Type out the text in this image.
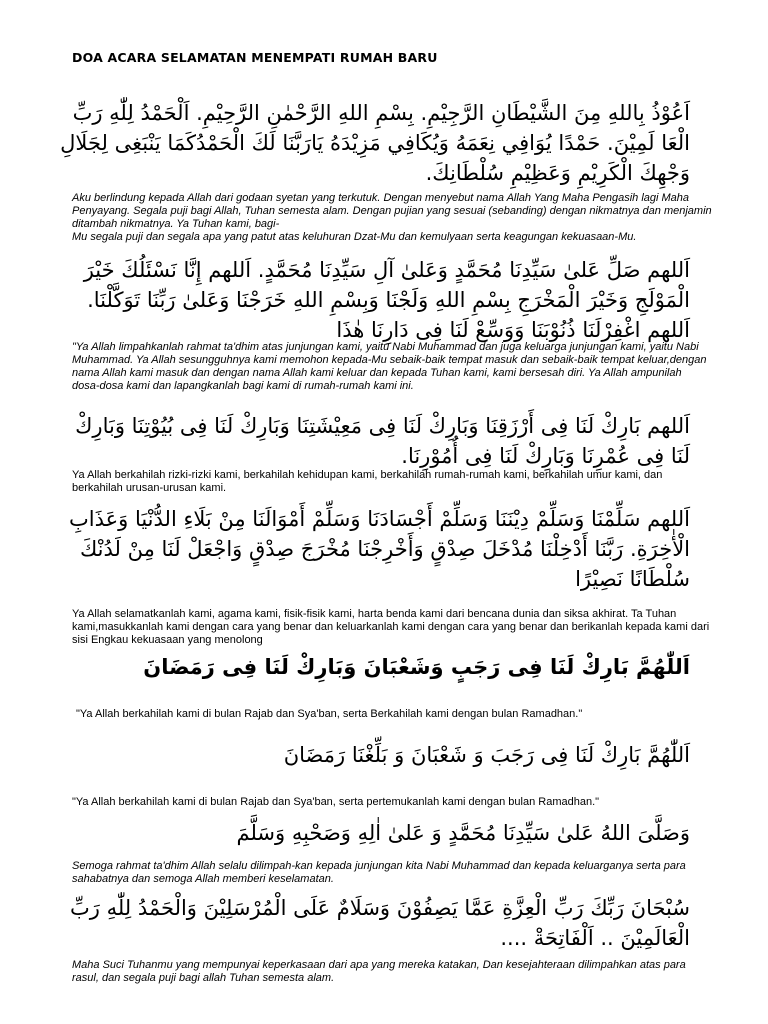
DOA ACARA SELAMATAN MENEMPATI RUMAH BARU

اَعُوْذُ بِاللهِ مِنَ الشَّيْطَانِ الرَّجِيْمِ. بِسْمِ اللهِ الرَّحْمٰنِ الرَّحِيْمِ. اَلْحَمْدُ لِلّٰهِ رَبِّ الْعَا لَمِيْنَ. حَمْدًا يُوَافِي نِعَمَهُ وَيُكَافِي مَزِيْدَهُ يَارَبَّنَا لَكَ الْحَمْدُكَمَا يَنْبَغِى لِجَلَالِ وَجْهِكَ الْكَرِيْمِ وَعَظِيْمِ سُلْطَانِكَ.

Aku berlindung kepada Allah dari godaan syetan yang terkutuk. Dengan menyebut nama Allah Yang Maha Pengasih lagi Maha Penyayang. Segala puji bagi Allah, Tuhan semesta alam. Dengan pujian yang sesuai (sebanding) dengan nikmatnya dan menjamin ditambah nikmatnya. Ya Tuhan kami, bagi-
Mu segala puji dan segala apa yang patut atas keluhuran Dzat-Mu dan kemulyaan serta keagungan kekuasaan-Mu.

اَللهم صَلِّ عَلىٰ سَيِّدِنَا مُحَمَّدٍ وَعَلىٰ آلِ سَيِّدِنَا مُحَمَّدٍ. اَللهم إِنَّا نَسْئَلُكَ خَيْرَ الْمَوْلَجِ وَخَيْرَ الْمَخْرَجِ بِسْمِ اللهِ وَلَجْنَا وَبِسْمِ اللهِ خَرَجْنَا وَعَلىٰ رَبِّنَا تَوَكَّلْنَا. اَللهم اغْفِرْلَنَا ذُنُوْبَنَا وَوَسِّعْ لَنَا فِى دَارِنَا هٰذَا

"Ya Allah limpahkanlah rahmat ta'dhim atas junjungan kami, yaitu Nabi Muhammad dan juga keluarga junjungan kami, yaitu Nabi Muhammad. Ya Allah sesungguhnya kami memohon kepada-Mu sebaik-baik tempat masuk dan sebaik-baik tempat keluar,dengan nama Allah kami masuk dan dengan nama Allah kami keluar dan kepada Tuhan kami, kami bersesah diri. Ya Allah ampunilah dosa-dosa kami dan lapangkanlah bagi kami di rumah-rumah kami ini.

اَللهم بَارِكْ لَنَا فِى أَرْزَقِنَا وَبَارِكْ لَنَا فِى مَعِيْشَتِنَا وَبَارِكْ لَنَا فِى بُيُوْتِنَا وَبَارِكْ لَنَا فِى عُمْرِنَا وَبَارِكْ لَنَا فِى أُمُوْرِنَا.

Ya Allah berkahilah rizki-rizki kami, berkahilah kehidupan kami, berkahilah rumah-rumah kami, berkahilah umur kami, dan berkahilah urusan-urusan kami.

اَللهم سَلِّمْنَا وَسَلِّمْ دِيْنَنَا وَسَلِّمْ أَجْسَادَنَا وَسَلِّمْ أَمْوَالَنَا مِنْ بَلَاءِ الدُّنْيَا وَعَذَابِ الْأٰخِرَةِ. رَبَّنَا أَدْخِلْنَا مُدْخَلَ صِدْقٍ وَأَخْرِجْنَا مُخْرَجَ صِدْقٍ وَاجْعَلْ لَنَا مِنْ لَدُنْكَ سُلْطَانًا نَصِيْرًا

Ya Allah selamatkanlah kami, agama kami, fisik-fisik kami, harta benda kami dari bencana dunia dan siksa akhirat. Ta Tuhan kami,masukkanlah kami dengan cara yang benar dan keluarkanlah kami dengan cara yang benar dan berikanlah kepada kami dari sisi Engkau kekuasaan yang menolong

اَللّٰهُمَّ بَارِكْ لَنَا فِى رَجَبٍ وَشَعْبَانَ وَبَارِكْ لَنَا فِى رَمَضَانَ

"Ya Allah berkahilah kami di bulan Rajab dan Sya'ban, serta Berkahilah kami dengan bulan Ramadhan."

اَللّٰهُمَّ بَارِكْ لَنَا فِى رَجَبَ وَ شَعْبَانَ وَ بَلِّغْنَا رَمَضَانَ

"Ya Allah berkahilah kami di bulan Rajab dan Sya'ban, serta pertemukanlah kami dengan bulan Ramadhan."

وَصَلَّىَ اللهُ عَلىٰ سَيِّدِنَا مُحَمَّدٍ وَ عَلىٰ اٰلِهِ وَصَحْبِهِ وَسَلَّمَ

Semoga rahmat ta'dhim Allah selalu dilimpah-kan kepada junjungan kita Nabi Muhammad dan kepada keluarganya serta para sahabatnya dan semoga Allah memberi keselamatan.

سُبْحَانَ رَبِّكَ رَبِّ الْعِزَّةِ عَمَّا يَصِفُوْنَ وَسَلَامٌ عَلَى الْمُرْسَلِيْنَ وَالْحَمْدُ لِلّٰهِ رَبِّ الْعَالَمِيْنَ .. اَلْفَاتِحَةْ ....

Maha Suci Tuhanmu yang mempunyai keperkasaan dari apa yang mereka katakan, Dan kesejahteraan dilimpahkan atas para rasul, dan segala puji bagi allah Tuhan semesta alam.
